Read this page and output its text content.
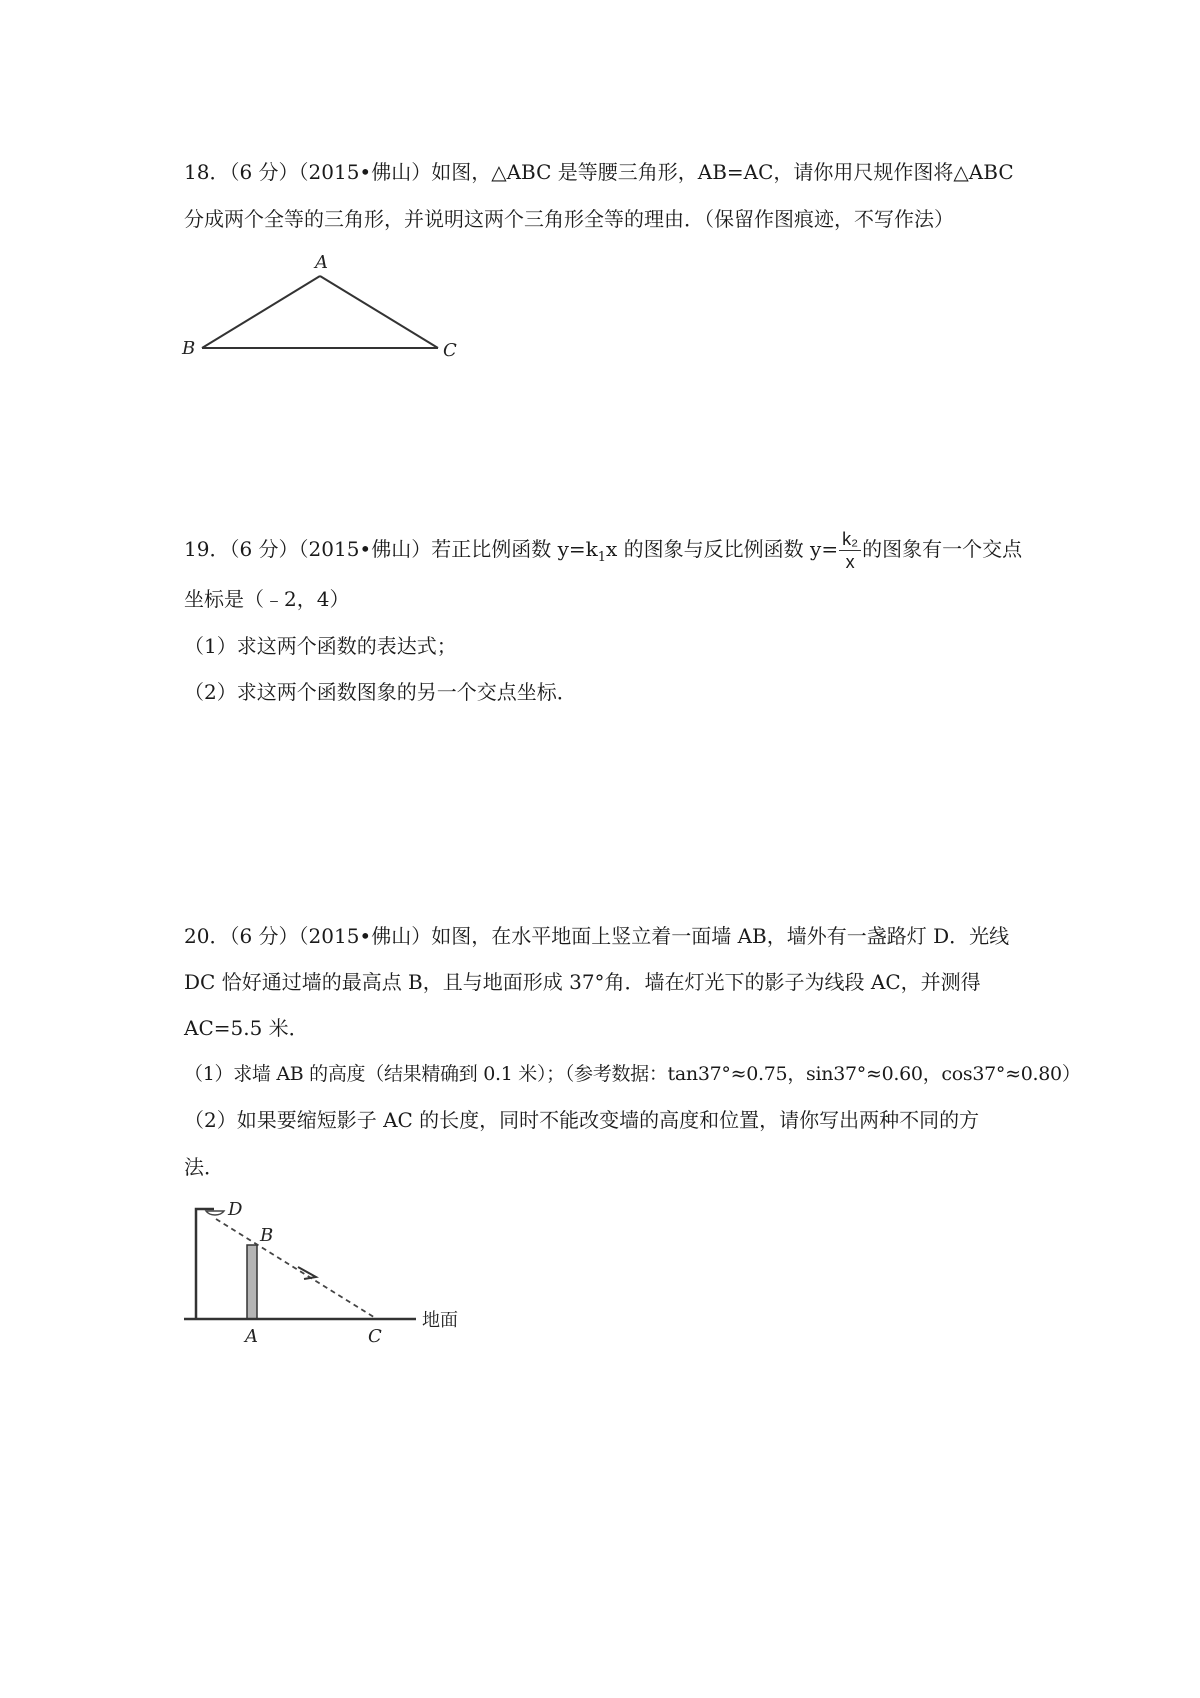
18．（6 分）（2015•佛山）如图，△ABC 是等腰三角形，AB=AC，请你用尺规作图将△ABC
分成两个全等的三角形，并说明这两个三角形全等的理由．（保留作图痕迹，不写作法）
A
B	C
19．（6 分）（2015•佛山）若正比例函数 $y=k_1x$ 的图象与反比例函数 $y= \frac{\text{k₂}}{x}$ 的图象有一个交点
坐标是（﹣2，4）
（1）求这两个函数的表达式；
（2）求这两个函数图象的另一个交点坐标．
20．（6 分）（2015•佛山）如图，在水平地面上竖立着一面墙 AB，墙外有一盏路灯 D．光线
DC 恰好通过墙的最高点 B，且与地面形成 37°角．墙在灯光下的影子为线段 AC，并测得
AC=5.5 米．
（1）求墙 AB 的高度（结果精确到 0.1 米）；（参考数据：tan37°≈0.75，sin37°≈0.60，cos37°≈0.80）
（2）如果要缩短影子 AC 的长度，同时不能改变墙的高度和位置，请你写出两种不同的方
法．
D
B
A	C
地面
